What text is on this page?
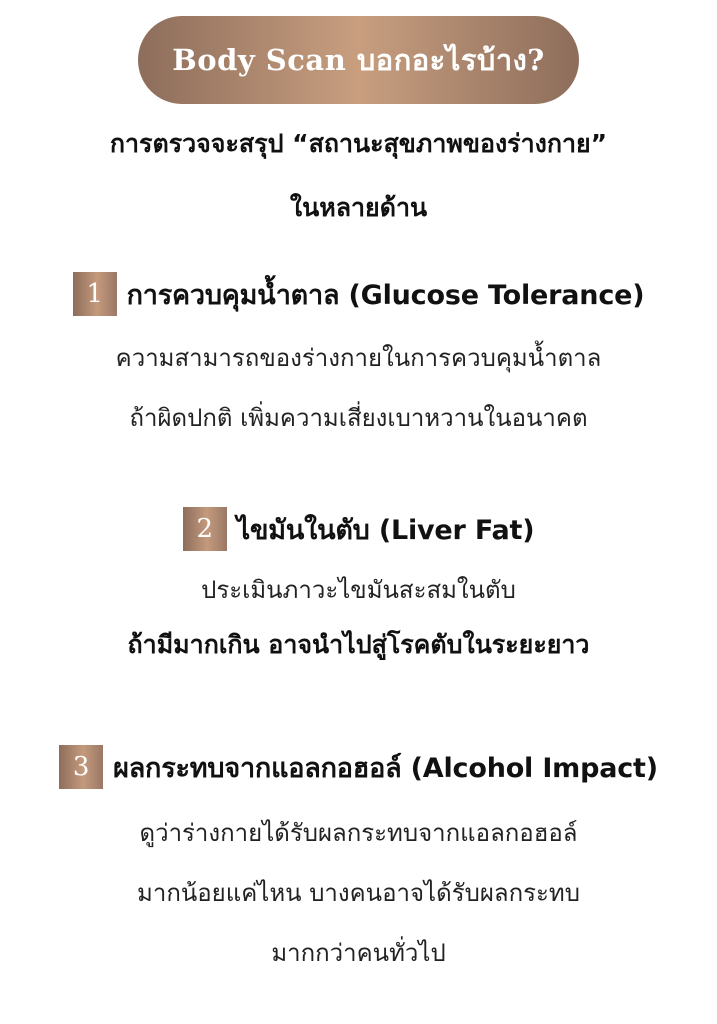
Body Scan บอกอะไรบ้าง?
การตรวจจะสรุป “สถานะสุขภาพของร่างกาย”
ในหลายด้าน
1 การควบคุมน้ำตาล (Glucose Tolerance)
ความสามารถของร่างกายในการควบคุมน้ำตาล
ถ้าผิดปกติ เพิ่มความเสี่ยงเบาหวานในอนาคต
2 ไขมันในตับ (Liver Fat)
ประเมินภาวะไขมันสะสมในตับ
ถ้ามีมากเกิน อาจนำไปสู่โรคตับในระยะยาว
3 ผลกระทบจากแอลกอฮอล์ (Alcohol Impact)
ดูว่าร่างกายได้รับผลกระทบจากแอลกอฮอล์
มากน้อยแค่ไหน บางคนอาจได้รับผลกระทบ
มากกว่าคนทั่วไป
